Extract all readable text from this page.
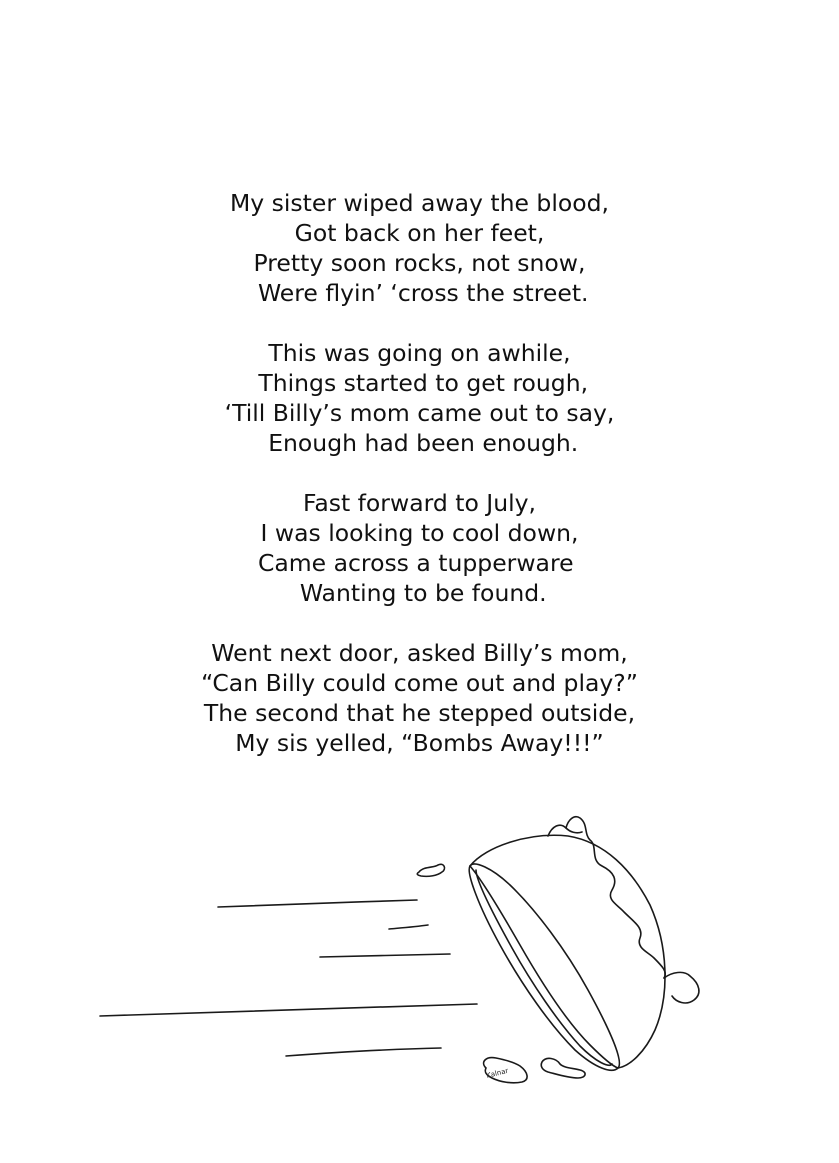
My sister wiped away the blood,
Got back on her feet,
Pretty soon rocks, not snow,
Were flyin’ ‘cross the street.
This was going on awhile,
Things started to get rough,
‘Till Billy’s mom came out to say,
Enough had been enough.
Fast forward to July,
I was looking to cool down,
Came across a tupperware
Wanting to be found.
Went next door, asked Billy’s mom,
“Can Billy could come out and play?”
The second that he stepped outside,
My sis yelled, “Bombs Away!!!”
Kalnar
